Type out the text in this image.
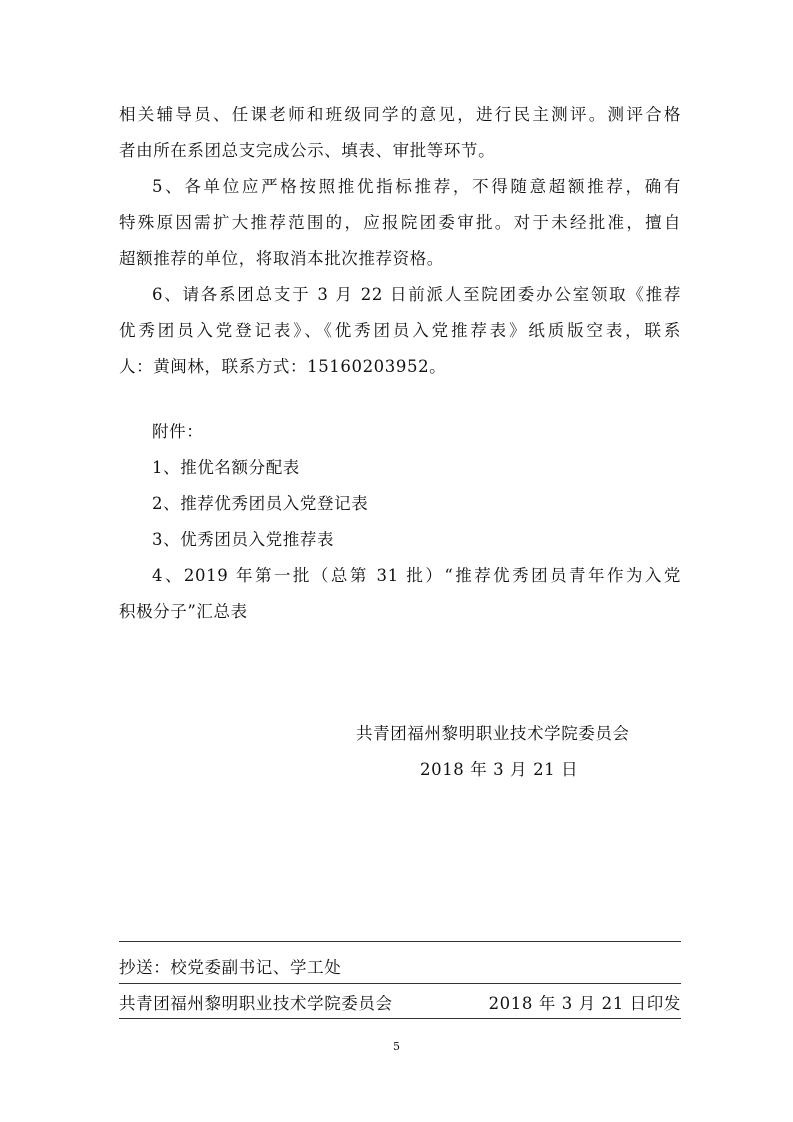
相关辅导员、任课老师和班级同学的意见，进行民主测评。测评合格
者由所在系团总支完成公示、填表、审批等环节。
5、各单位应严格按照推优指标推荐，不得随意超额推荐，确有
特殊原因需扩大推荐范围的，应报院团委审批。对于未经批准，擅自
超额推荐的单位，将取消本批次推荐资格。
6、请各系团总支于 3 月 22 日前派人至院团委办公室领取《推荐
优秀团员入党登记表》、《优秀团员入党推荐表》纸质版空表，联系
人：黄闽林，联系方式：15160203952。
附件：
1、推优名额分配表
2、推荐优秀团员入党登记表
3、优秀团员入党推荐表
4、2019 年第一批（总第 31 批）“推荐优秀团员青年作为入党
积极分子”汇总表
共青团福州黎明职业技术学院委员会
2018 年 3 月 21 日
抄送：校党委副书记、学工处
共青团福州黎明职业技术学院委员会	2018 年 3 月 21 日印发
5
